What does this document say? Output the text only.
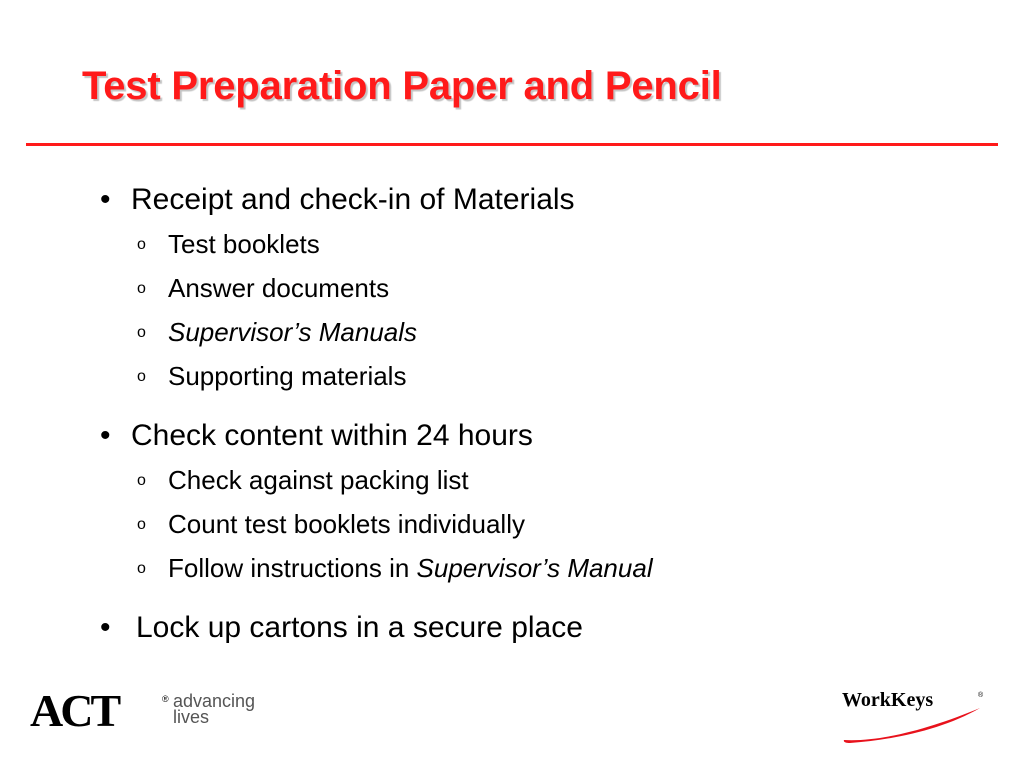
Test Preparation Paper and Pencil
• Receipt and check-in of Materials
o Test booklets
o Answer documents
o Supervisor’s Manuals
o Supporting materials
• Check content within 24 hours
o Check against packing list
o Count test booklets individually
o Follow instructions in Supervisor’s Manual
• Lock up cartons in a secure place
ACT	® advancing
lives
WorkKeys	®
